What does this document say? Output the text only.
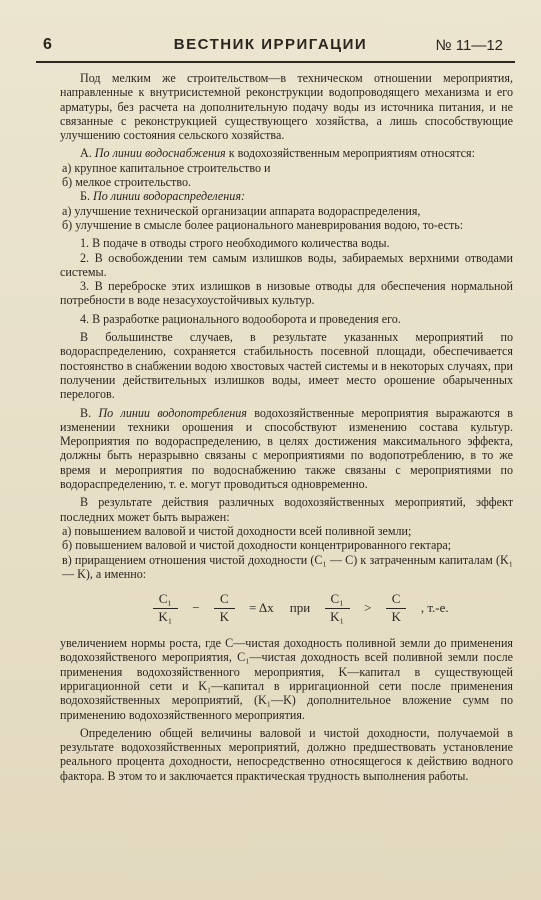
6	ВЕСТНИК ИРРИГАЦИИ	№ 11—12

Под мелким же строительством—в техническом отношении мероприятия, направленные к внутрисистемной реконструкции водопроводящего механизма и его арматуры, без расчета на дополнительную подачу воды из источника питания, и не связанные с реконструкцией существующего хозяйства, а лишь способствующие улучшению состояния сельского хозяйства.

А. По линии водоснабжения к водохозяйственным мероприятиям относятся:

а) крупное капитальное строительство и

б) мелкое строительство.

Б. По линии водораспределения:

а) улучшение технической организации аппарата водораспределения,

б) улучшение в смысле более рационального маневрирования водою, то-есть:

1. В подаче в отводы строго необходимого количества воды.

2. В освобождении тем самым излишков воды, забираемых верхними отводами системы.

3. В переброске этих излишков в низовые отводы для обеспечения нормальной потребности в воде незасухоустойчивых культур.

4. В разработке рационального водооборота и проведения его.

В большинстве случаев, в результате указанных мероприятий по водораспределению, сохраняется стабильность посевной площади, обеспечивается постоянство в снабжении водою хвостовых частей системы и в некоторых случаях, при получении действительных излишков воды, имеет место орошение обарыченных перелогов.

В. По линии водопотребления водохозяйственные мероприятия выражаются в изменении техники орошения и способствуют изменению состава культур. Мероприятия по водораспределению, в целях достижения максимального эффекта, должны быть неразрывно связаны с мероприятиями по водопотреблению, в то же время и мероприятия по водоснабжению также связаны с мероприятиями по водораспределению, т. е. могут проводиться одновременно.

В результате действия различных водохозяйственных мероприятий, эффект последних может быть выражен:

а) повышением валовой и чистой доходности всей поливной земли;

б) повышением валовой и чистой доходности концентрированного гектара;

в) приращением отношения чистой доходности (C₁ — C) к затраченным капиталам (K₁ — K), а именно:

$\frac{\text{C₁}}{\text{K₁}} - \frac{C}{K} = \Delta x$ при $\frac{\text{C₁}}{\text{K₁}} > \frac{C}{K}$ , т.-е.

увеличением нормы роста, где C—чистая доходность поливной земли до применения водохозяйственого мероприятия, C₁—чистая доходность всей поливной земли после применения водохозяйственного мероприятия, K—капитал в существующей ирригационной сети и K₁—капитал в ирригационной сети после применения водохозяйственных мероприятий, (K₁—K) дополнительное вложение сумм по применению водохозяйственного мероприятия.

Определению общей величины валовой и чистой доходности, получаемой в результате водохозяйственных мероприятий, должно предшествовать установление реального процента доходности, непосредственно относящегося к действию водного фактора. В этом то и заключается практическая трудность выполнения работы.
